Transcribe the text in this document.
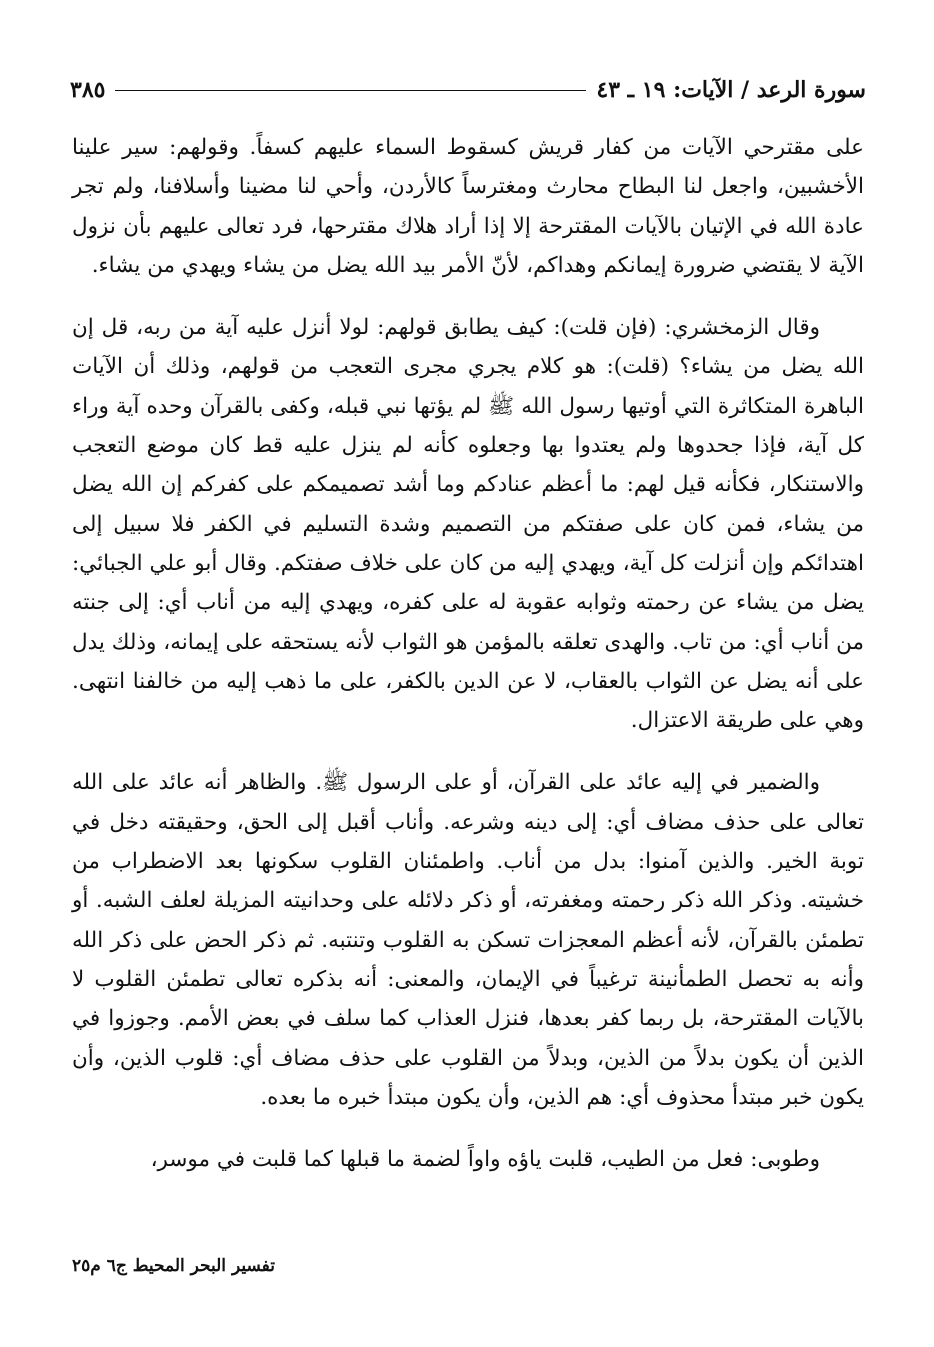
سورة الرعد / الآيات: ١٩ ـ ٤٣
٣٨٥

على مقترحي الآيات من كفار قريش كسقوط السماء عليهم كسفاً. وقولهم: سير علينا الأخشبين، واجعل لنا البطاح محارث ومغترساً كالأردن، وأحي لنا مضينا وأسلافنا، ولم تجر عادة الله في الإتيان بالآيات المقترحة إلا إذا أراد هلاك مقترحها، فرد تعالى عليهم بأن نزول الآية لا يقتضي ضرورة إيمانكم وهداكم، لأنّ الأمر بيد الله يضل من يشاء ويهدي من يشاء.

وقال الزمخشري: (فإن قلت): كيف يطابق قولهم: لولا أنزل عليه آية من ربه، قل إن الله يضل من يشاء؟ (قلت): هو كلام يجري مجرى التعجب من قولهم، وذلك أن الآيات الباهرة المتكاثرة التي أوتيها رسول الله ﷺ لم يؤتها نبي قبله، وكفى بالقرآن وحده آية وراء كل آية، فإذا جحدوها ولم يعتدوا بها وجعلوه كأنه لم ينزل عليه قط كان موضع التعجب والاستنكار، فكأنه قيل لهم: ما أعظم عنادكم وما أشد تصميمكم على كفركم إن الله يضل من يشاء، فمن كان على صفتكم من التصميم وشدة التسليم في الكفر فلا سبيل إلى اهتدائكم وإن أنزلت كل آية، ويهدي إليه من كان على خلاف صفتكم. وقال أبو علي الجبائي: يضل من يشاء عن رحمته وثوابه عقوبة له على كفره، ويهدي إليه من أناب أي: إلى جنته من أناب أي: من تاب. والهدى تعلقه بالمؤمن هو الثواب لأنه يستحقه على إيمانه، وذلك يدل على أنه يضل عن الثواب بالعقاب، لا عن الدين بالكفر، على ما ذهب إليه من خالفنا انتهى. وهي على طريقة الاعتزال.

والضمير في إليه عائد على القرآن، أو على الرسول ﷺ. والظاهر أنه عائد على الله تعالى على حذف مضاف أي: إلى دينه وشرعه. وأناب أقبل إلى الحق، وحقيقته دخل في توبة الخير. والذين آمنوا: بدل من أناب. واطمئنان القلوب سكونها بعد الاضطراب من خشيته. وذكر الله ذكر رحمته ومغفرته، أو ذكر دلائله على وحدانيته المزيلة لعلف الشبه. أو تطمئن بالقرآن، لأنه أعظم المعجزات تسكن به القلوب وتنتبه. ثم ذكر الحض على ذكر الله وأنه به تحصل الطمأنينة ترغيباً في الإيمان، والمعنى: أنه بذكره تعالى تطمئن القلوب لا بالآيات المقترحة، بل ربما كفر بعدها، فنزل العذاب كما سلف في بعض الأمم. وجوزوا في الذين أن يكون بدلاً من الذين، وبدلاً من القلوب على حذف مضاف أي: قلوب الذين، وأن يكون خبر مبتدأ محذوف أي: هم الذين، وأن يكون مبتدأ خبره ما بعده.

وطوبى: فعل من الطيب، قلبت ياؤه واواً لضمة ما قبلها كما قلبت في موسر،

تفسير البحر المحيط ج٦ م٢٥
